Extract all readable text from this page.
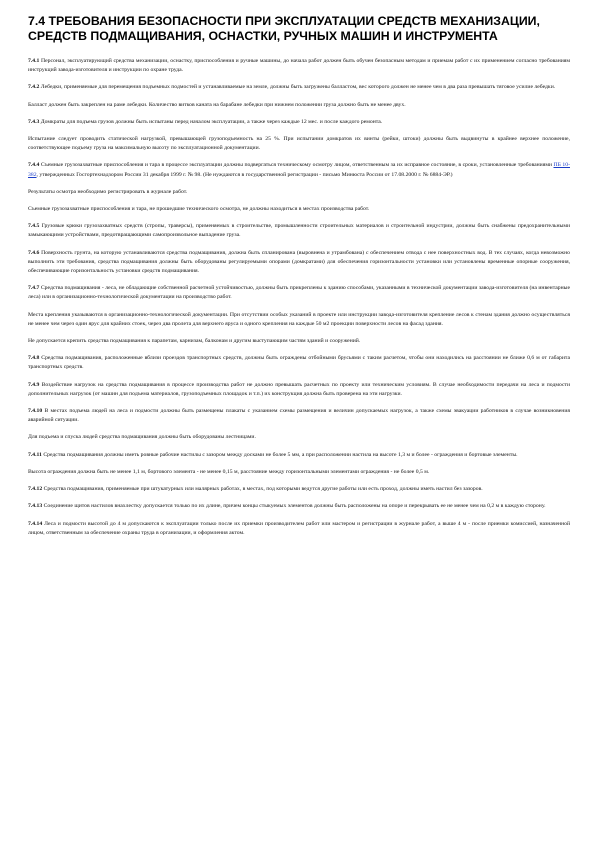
7.4 ТРЕБОВАНИЯ БЕЗОПАСНОСТИ ПРИ ЭКСПЛУАТАЦИИ СРЕДСТВ МЕХАНИЗАЦИИ, СРЕДСТВ ПОДМАЩИВАНИЯ, ОСНАСТКИ, РУЧНЫХ МАШИН И ИНСТРУМЕНТА

7.4.1 Персонал, эксплуатирующий средства механизации, оснастку, приспособления и ручные машины, до начала работ должен быть обучен безопасным методам и приемам работ с их применением согласно требованиям инструкций завода-изготовителя и инструкции по охране труда.

7.4.2 Лебедки, применяемые для перемещения подъемных подмостей и устанавливаемые на земле, должны быть загружены балластом, вес которого должен не менее чем в два раза превышать тяговое усилие лебедки.

Балласт должен быть закреплен на раме лебедки. Количество витков каната на барабане лебедки при нижнем положении груза должно быть не менее двух.

7.4.3 Домкраты для подъема грузов должны быть испытаны перед началом эксплуатации, а также через каждые 12 мес. и после каждого ремонта.

Испытание следует проводить статической нагрузкой, превышающей грузоподъемность на 25 %. При испытании домкратов их винты (рейки, штоки) должны быть выдвинуты в крайнее верхнее положение, соответствующее подъему груза на максимальную высоту по эксплуатационной документации.

7.4.4 Съемные грузозахватные приспособления и тара в процессе эксплуатации должны подвергаться техническому осмотру лицом, ответственным за их исправное состояние, в сроки, установленные требованиями ПБ 10-382, утвержденных Госгортехнадзором России 31 декабря 1999 г. № 98. (Не нуждаются в государственной регистрации - письмо Минюста России от 17.08.2000 г. № 6884-ЭР.)

Результаты осмотра необходимо регистрировать в журнале работ.

Съемные грузозахватные приспособления и тара, не прошедшие технического осмотра, не должны находиться в местах производства работ.

7.4.5 Грузовые крюки грузозахватных средств (стропы, траверсы), применяемых в строительстве, промышленности строительных материалов и строительной индустрии, должны быть снабжены предохранительными замыкающими устройствами, предотвращающими самопроизвольное выпадение груза.

7.4.6 Поверхность грунта, на которую устанавливаются средства подмащивания, должна быть спланирована (выровнена и утрамбована) с обеспечением отвода с нее поверхностных вод. В тех случаях, когда невозможно выполнить эти требования, средства подмащивания должны быть оборудованы регулируемыми опорами (домкратами) для обеспечения горизонтальности установки или установлены временные опорные сооружения, обеспечивающие горизонтальность установки средств подмащивания.

7.4.7 Средства подмащивания - леса, не обладающие собственной расчетной устойчивостью, должны быть прикреплены к зданию способами, указанными в технической документации завода-изготовителя (на инвентарные леса) или в организационно-технологической документации на производство работ.

Места крепления указываются в организационно-технологической документации. При отсутствии особых указаний в проекте или инструкции завода-изготовителя крепление лесов к стенам здания должно осуществляться не менее чем через один ярус для крайних стоек, через два пролета для верхнего яруса и одного крепления на каждые 50 м2 проекции поверхности лесов на фасад здания.

Не допускается крепить средства подмащивания к парапетам, карнизам, балконам и другим выступающим частям зданий и сооружений.

7.4.8 Средства подмащивания, расположенные вблизи проездов транспортных средств, должны быть ограждены отбойными брусьями с таким расчетом, чтобы они находились на расстоянии не ближе 0,6 м от габарита транспортных средств.

7.4.9 Воздействие нагрузок на средства подмащивания в процессе производства работ не должно превышать расчетных по проекту или техническим условиям. В случае необходимости передачи на леса и подмости дополнительных нагрузок (от машин для подъема материалов, грузоподъемных площадок и т.п.) их конструкция должна быть проверена на эти нагрузки.

7.4.10 В местах подъема людей на леса и подмости должны быть размещены плакаты с указанием схемы размещения и величин допускаемых нагрузок, а также схемы эвакуации работников в случае возникновения аварийной ситуации.

Для подъема и спуска людей средства подмащивания должны быть оборудованы лестницами.

7.4.11 Средства подмащивания должны иметь ровные рабочие настилы с зазором между досками не более 5 мм, а при расположении настила на высоте 1,3 м и более - ограждения и бортовые элементы.

Высота ограждения должна быть не менее 1,1 м, бортового элемента - не менее 0,15 м, расстояние между горизонтальными элементами ограждения - не более 0,5 м.

7.4.12 Средства подмащивания, применяемые при штукатурных или малярных работах, в местах, под которыми ведутся другие работы или есть проход, должны иметь настил без зазоров.

7.4.13 Соединение щитов настилов внахлестку допускается только по их длине, причем концы стыкуемых элементов должны быть расположены на опоре и перекрывать ее не менее чем на 0,2 м в каждую сторону.

7.4.14 Леса и подмости высотой до 4 м допускаются к эксплуатации только после их приемки производителем работ или мастером и регистрации в журнале работ, а выше 4 м - после приемки комиссией, назначенной лицом, ответственным за обеспечение охраны труда в организации, и оформления актом.
